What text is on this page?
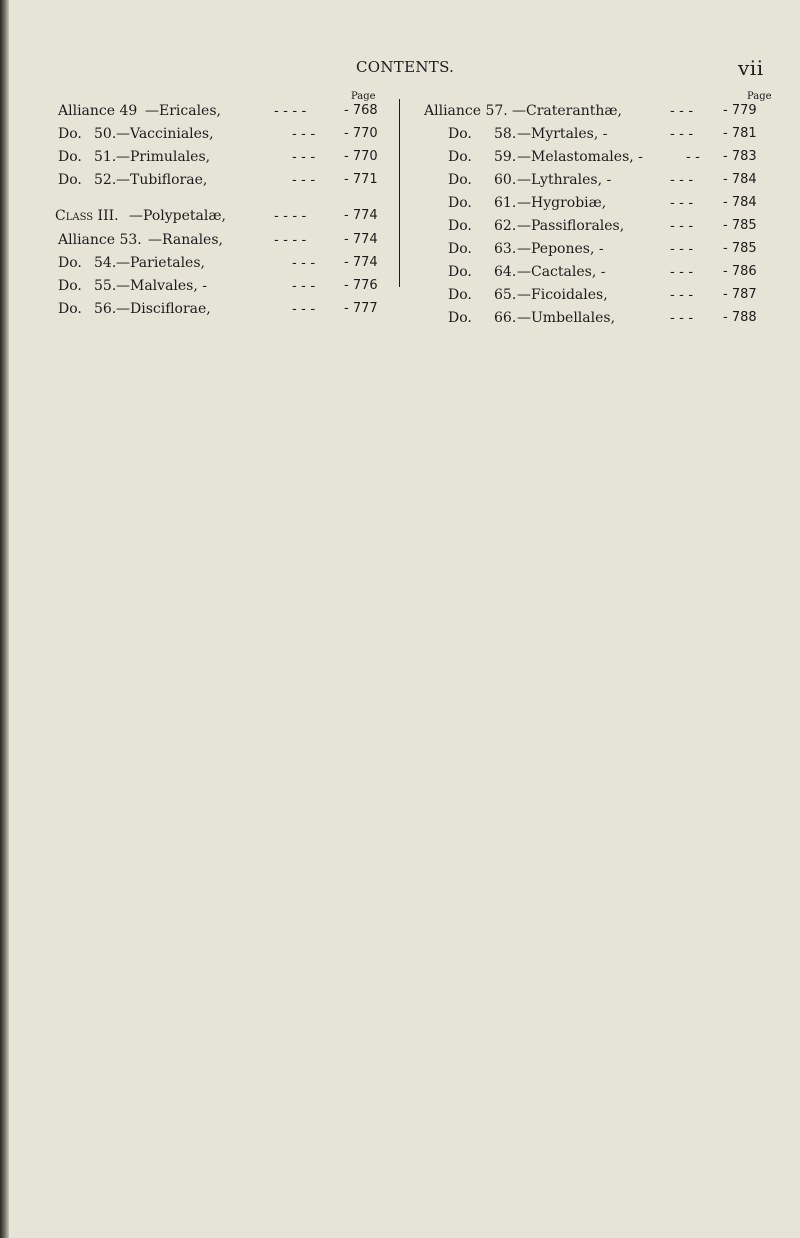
CONTENTS.	vii
Page
Alliance 49 —Ericales,	- - - -	- 768
Do. 50. —Vacciniales,	- - - - 770
Do. 51. —Primulales,	- - - - 770
Do. 52. —Tubiflorae,	- - - - 771
Class III. —Polypetalæ,	- - - -	- 774
Alliance 53. —Ranales,	- - - -	- 774
Do. 54. —Parietales,	- - - - 774
Do. 55. —Malvales, -	- - - - 776
Do. 56. —Disciflorae,	- - - - 777
Page
Alliance 57. —Crateranthæ,	- - - - 779
Do. 58. —Myrtales, -	- - - - 781
Do. 59. —Melastomales, -	- - - 783
Do. 60. —Lythrales, -	- - - - 784
Do. 61. —Hygrobiæ,	- - - - 784
Do. 62. —Passiflorales,	- - - - 785
Do. 63. —Pepones, -	- - - - 785
Do. 64. —Cactales, -	- - - - 786
Do. 65. —Ficoidales,	- - - - 787
Do. 66. —Umbellales,	- - - - 788
